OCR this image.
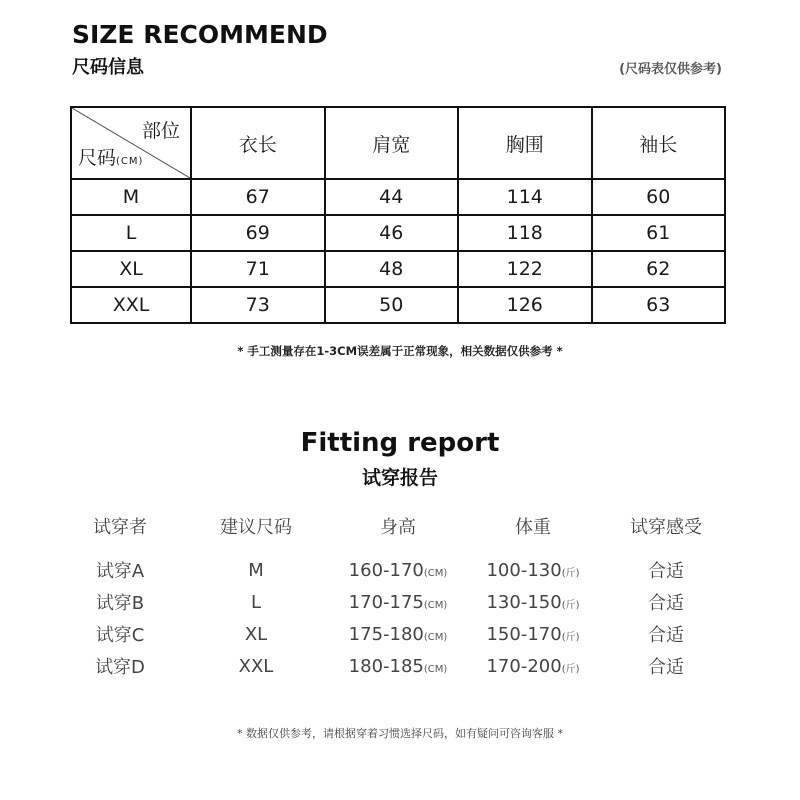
SIZE RECOMMEND
尺码信息	(尺码表仅供参考)
部位
尺码(CM)	衣长	肩宽	胸围	袖长
M	67	44	114	60
L	69	46	118	61
XL	71	48	122	62
XXL	73	50	126	63
* 手工测量存在1-3CM误差属于正常现象，相关数据仅供参考 *
Fitting report
试穿报告
试穿者	建议尺码	身高	体重	试穿感受
试穿A	M	160-170(CM)	100-130(斤)	合适
试穿B	L	170-175(CM)	130-150(斤)	合适
试穿C	XL	175-180(CM)	150-170(斤)	合适
试穿D	XXL	180-185(CM)	170-200(斤)	合适
* 数据仅供参考，请根据穿着习惯选择尺码，如有疑问可咨询客服 *
